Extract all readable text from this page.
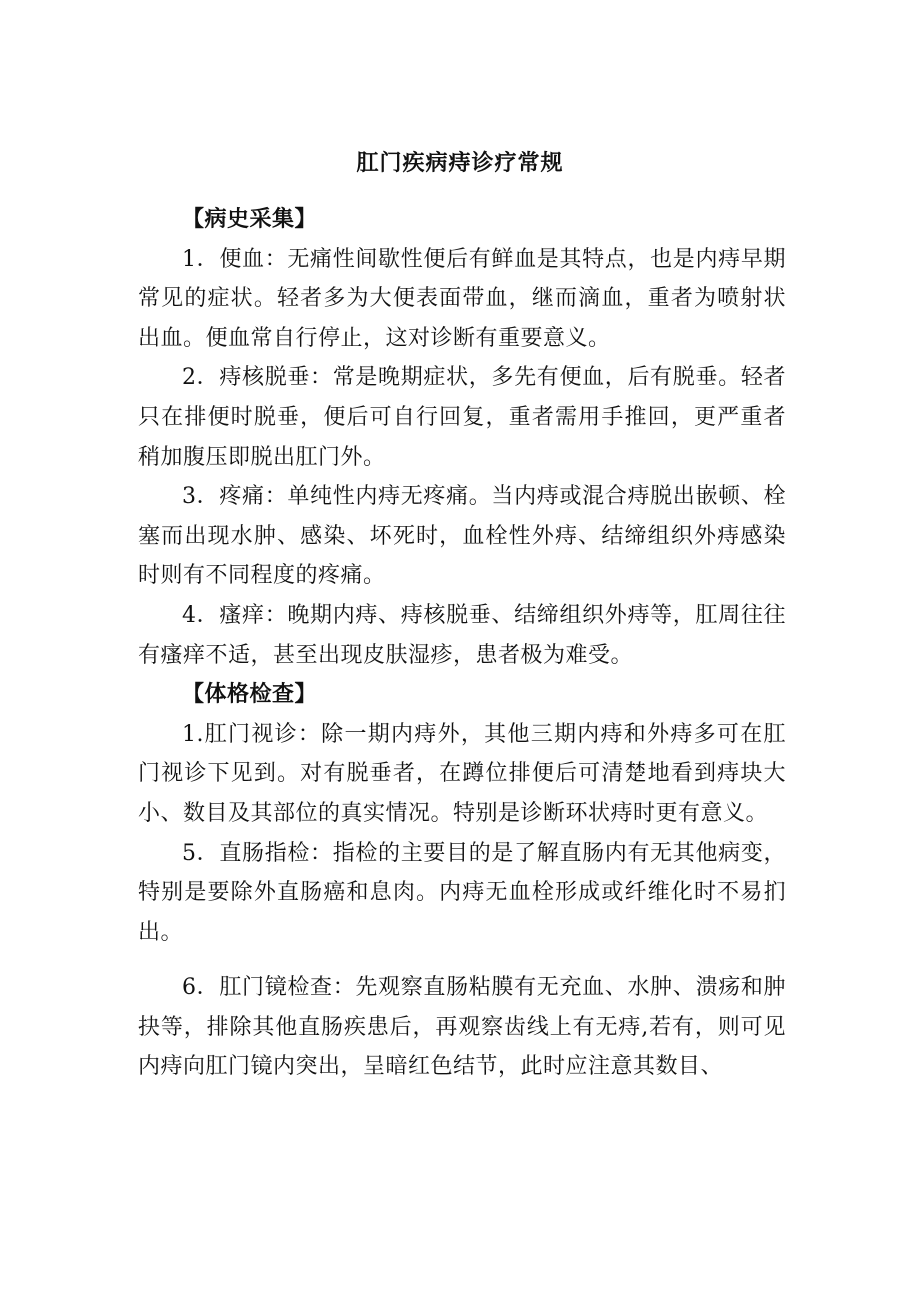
肛门疾病痔诊疗常规

【病史采集】

1．便血：无痛性间歇性便后有鲜血是其特点，也是内痔早期常见的症状。轻者多为大便表面带血，继而滴血，重者为喷射状出血。便血常自行停止，这对诊断有重要意义。

2．痔核脱垂：常是晚期症状，多先有便血，后有脱垂。轻者只在排便时脱垂，便后可自行回复，重者需用手推回，更严重者稍加腹压即脱出肛门外。

3．疼痛：单纯性内痔无疼痛。当内痔或混合痔脱出嵌顿、栓塞而出现水肿、感染、坏死时，血栓性外痔、结缔组织外痔感染时则有不同程度的疼痛。

4．瘙痒：晚期内痔、痔核脱垂、结缔组织外痔等，肛周往往有瘙痒不适，甚至出现皮肤湿疹，患者极为难受。

【体格检查】

1.肛门视诊：除一期内痔外，其他三期内痔和外痔多可在肛门视诊下见到。对有脱垂者，在蹲位排便后可清楚地看到痔块大小、数目及其部位的真实情况。特别是诊断环状痔时更有意义。

5．直肠指检：指检的主要目的是了解直肠内有无其他病变，特别是要除外直肠癌和息肉。内痔无血栓形成或纤维化时不易扪出。

6．肛门镜检查：先观察直肠粘膜有无充血、水肿、溃疡和肿抉等，排除其他直肠疾患后，再观察齿线上有无痔,若有，则可见内痔向肛门镜内突出，呈暗红色结节，此时应注意其数目、
